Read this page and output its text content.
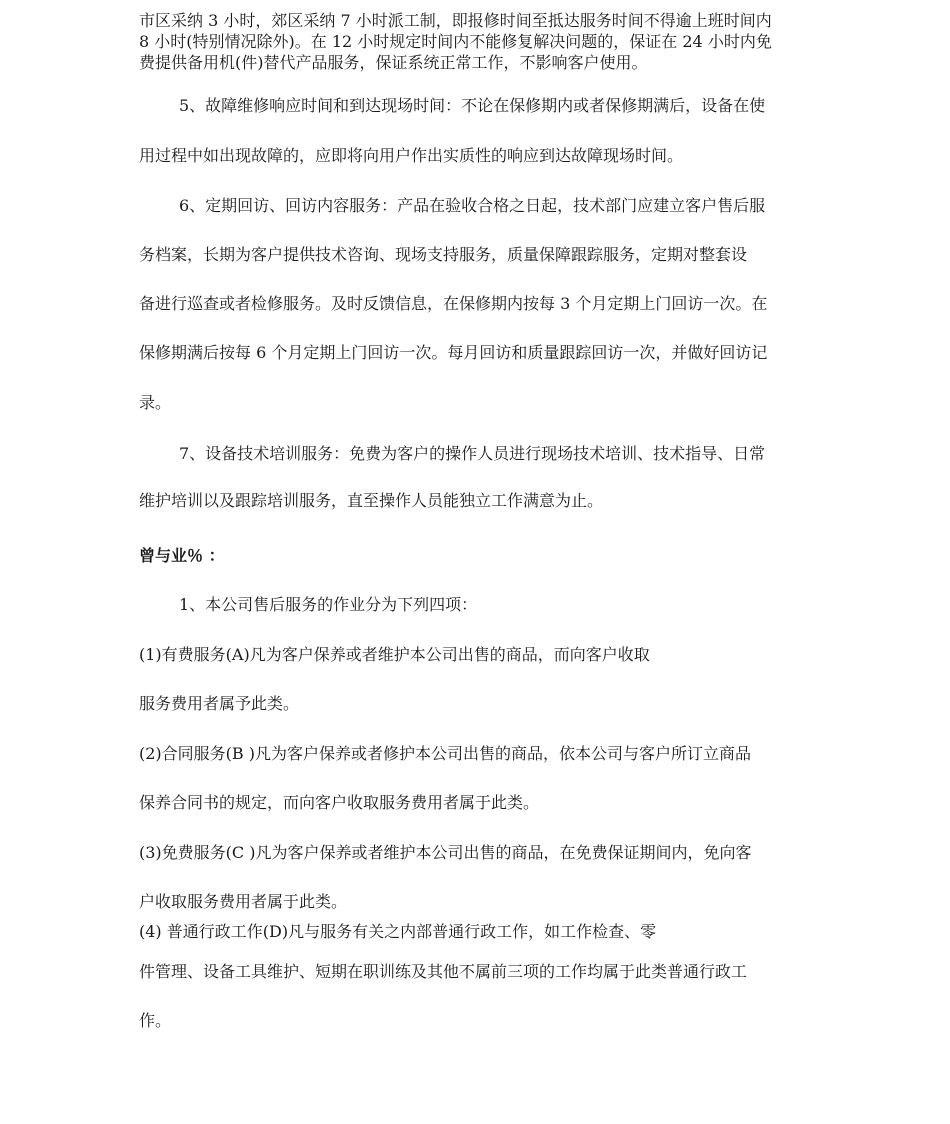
市区采纳 3 小时，郊区采纳 7 小时派工制，即报修时间至抵达服务时间不得逾上班时间内
8 小时(特别情况除外)。在 12 小时规定时间内不能修复解决问题的，保证在 24 小时内免
费提供备用机(件)替代产品服务，保证系统正常工作，不影响客户使用。
5、故障维修响应时间和到达现场时间：不论在保修期内或者保修期满后，设备在使
用过程中如出现故障的，应即将向用户作出实质性的响应到达故障现场时间。
6、定期回访、回访内容服务：产品在验收合格之日起，技术部门应建立客户售后服
务档案，长期为客户提供技术咨询、现场支持服务，质量保障跟踪服务，定期对整套设
备进行巡查或者检修服务。及时反馈信息，在保修期内按每 3 个月定期上门回访一次。在
保修期满后按每 6 个月定期上门回访一次。每月回访和质量跟踪回访一次，并做好回访记
录。
7、设备技术培训服务：免费为客户的操作人员进行现场技术培训、技术指导、日常
维护培训以及跟踪培训服务，直至操作人员能独立工作满意为止。
曾与业％ ：
1、本公司售后服务的作业分为下列四项：
(1)有费服务(A)凡为客户保养或者维护本公司出售的商品，而向客户收取
服务费用者属予此类。
(2)合同服务(B )凡为客户保养或者修护本公司出售的商品，依本公司与客户所订立商品
保养合同书的规定，而向客户收取服务费用者属于此类。
(3)免费服务(C )凡为客户保养或者维护本公司出售的商品，在免费保证期间内，免向客
户收取服务费用者属于此类。
(4) 普通行政工作(D)凡与服务有关之内部普通行政工作，如工作检查、零
件管理、设备工具维护、短期在职训练及其他不属前三项的工作均属于此类普通行政工
作。
